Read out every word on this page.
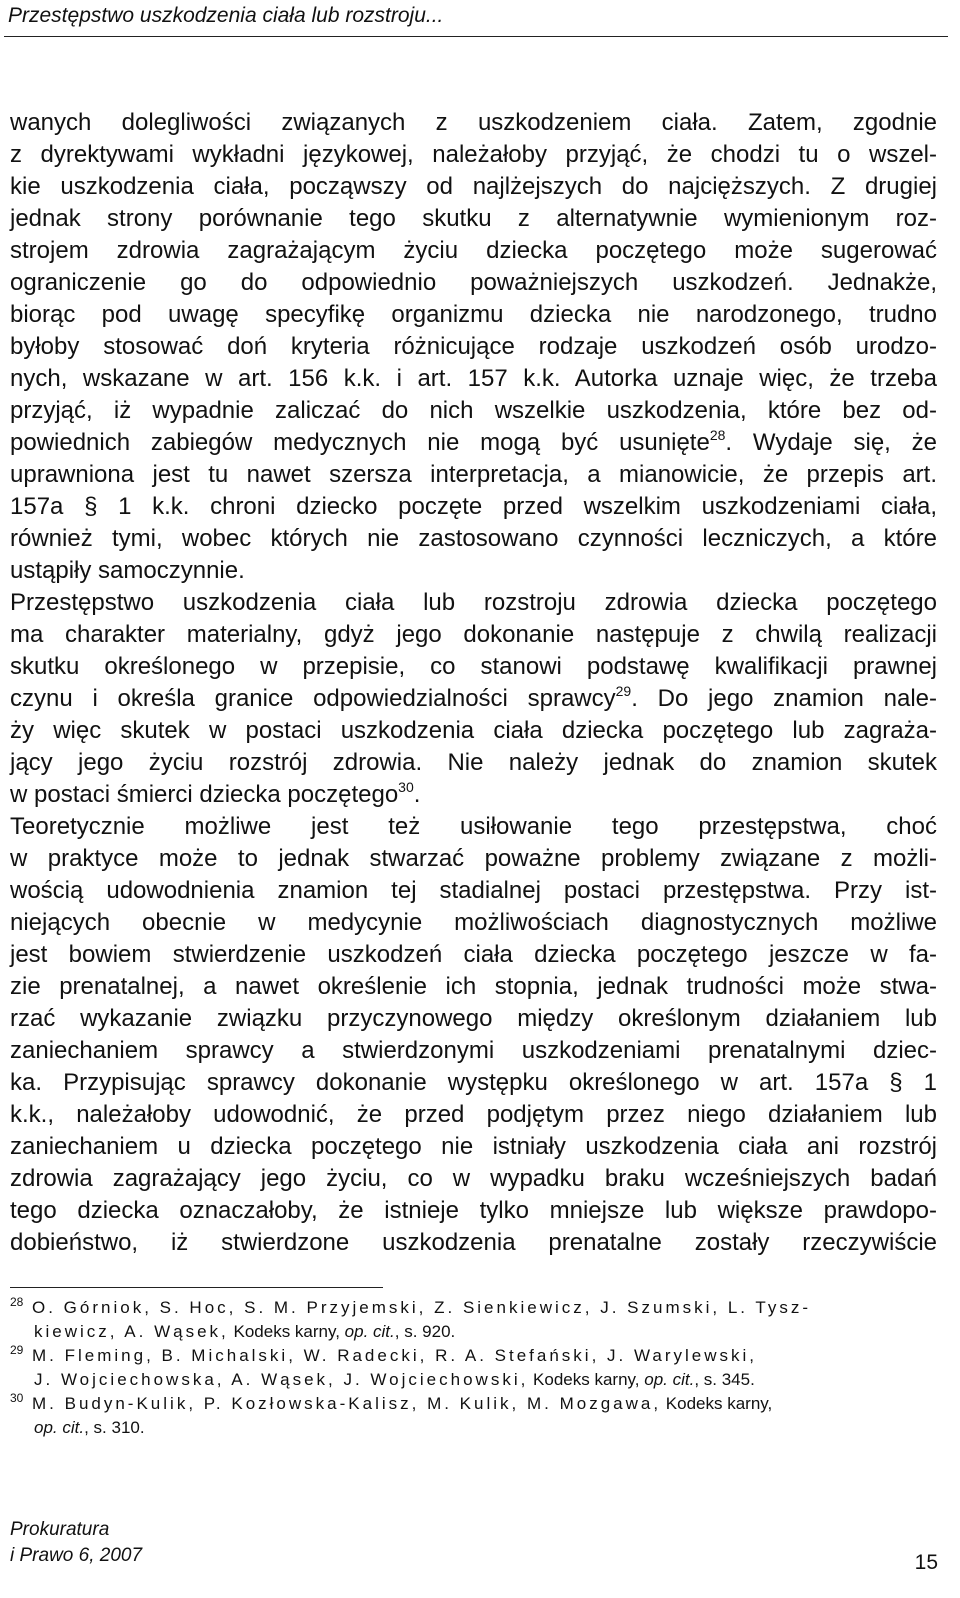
Przestępstwo uszkodzenia ciała lub rozstroju...
wanych dolegliwości związanych z uszkodzeniem ciała. Zatem, zgodnie
z dyrektywami wykładni językowej, należałoby przyjąć, że chodzi tu o wszel-
kie uszkodzenia ciała, począwszy od najlżejszych do najcięższych. Z drugiej
jednak strony porównanie tego skutku z alternatywnie wymienionym roz-
strojem zdrowia zagrażającym życiu dziecka poczętego może sugerować
ograniczenie go do odpowiednio poważniejszych uszkodzeń. Jednakże,
biorąc pod uwagę specyfikę organizmu dziecka nie narodzonego, trudno
byłoby stosować doń kryteria różnicujące rodzaje uszkodzeń osób urodzo-
nych, wskazane w art. 156 k.k. i art. 157 k.k. Autorka uznaje więc, że trzeba
przyjąć, iż wypadnie zaliczać do nich wszelkie uszkodzenia, które bez od-
powiednich zabiegów medycznych nie mogą być usunięte$^{28}$. Wydaje się, że
uprawniona jest tu nawet szersza interpretacja, a mianowicie, że przepis art.
157a § 1 k.k. chroni dziecko poczęte przed wszelkim uszkodzeniami ciała,
również tymi, wobec których nie zastosowano czynności leczniczych, a które
ustąpiły samoczynnie.
Przestępstwo uszkodzenia ciała lub rozstroju zdrowia dziecka poczętego
ma charakter materialny, gdyż jego dokonanie następuje z chwilą realizacji
skutku określonego w przepisie, co stanowi podstawę kwalifikacji prawnej
czynu i określa granice odpowiedzialności sprawcy$^{29}$. Do jego znamion nale-
ży więc skutek w postaci uszkodzenia ciała dziecka poczętego lub zagraża-
jący jego życiu rozstrój zdrowia. Nie należy jednak do znamion skutek
w postaci śmierci dziecka poczętego$^{30}$.
Teoretycznie możliwe jest też usiłowanie tego przestępstwa, choć
w praktyce może to jednak stwarzać poważne problemy związane z możli-
wością udowodnienia znamion tej stadialnej postaci przestępstwa. Przy ist-
niejących obecnie w medycynie możliwościach diagnostycznych możliwe
jest bowiem stwierdzenie uszkodzeń ciała dziecka poczętego jeszcze w fa-
zie prenatalnej, a nawet określenie ich stopnia, jednak trudności może stwa-
rzać wykazanie związku przyczynowego między określonym działaniem lub
zaniechaniem sprawcy a stwierdzonymi uszkodzeniami prenatalnymi dziec-
ka. Przypisując sprawcy dokonanie występku określonego w art. 157a § 1
k.k., należałoby udowodnić, że przed podjętym przez niego działaniem lub
zaniechaniem u dziecka poczętego nie istniały uszkodzenia ciała ani rozstrój
zdrowia zagrażający jego życiu, co w wypadku braku wcześniejszych badań
tego dziecka oznaczałoby, że istnieje tylko mniejsze lub większe prawdopo-
dobieństwo, iż stwierdzone uszkodzenia prenatalne zostały rzeczywiście
28 O. Górniok, S. Hoc, S. M. Przyjemski, Z. Sienkiewicz, J. Szumski, L. Tysz-
kiewicz, A. Wąsek, Kodeks karny, op. cit., s. 920.
29 M. Fleming, B. Michalski, W. Radecki, R. A. Stefański, J. Warylewski,
J. Wojciechowska, A. Wąsek, J. Wojciechowski, Kodeks karny, op. cit., s. 345.
30 M. Budyn-Kulik, P. Kozłowska-Kalisz, M. Kulik, M. Mozgawa, Kodeks karny,
op. cit., s. 310.
Prokuratura
i Prawo 6, 2007	15
